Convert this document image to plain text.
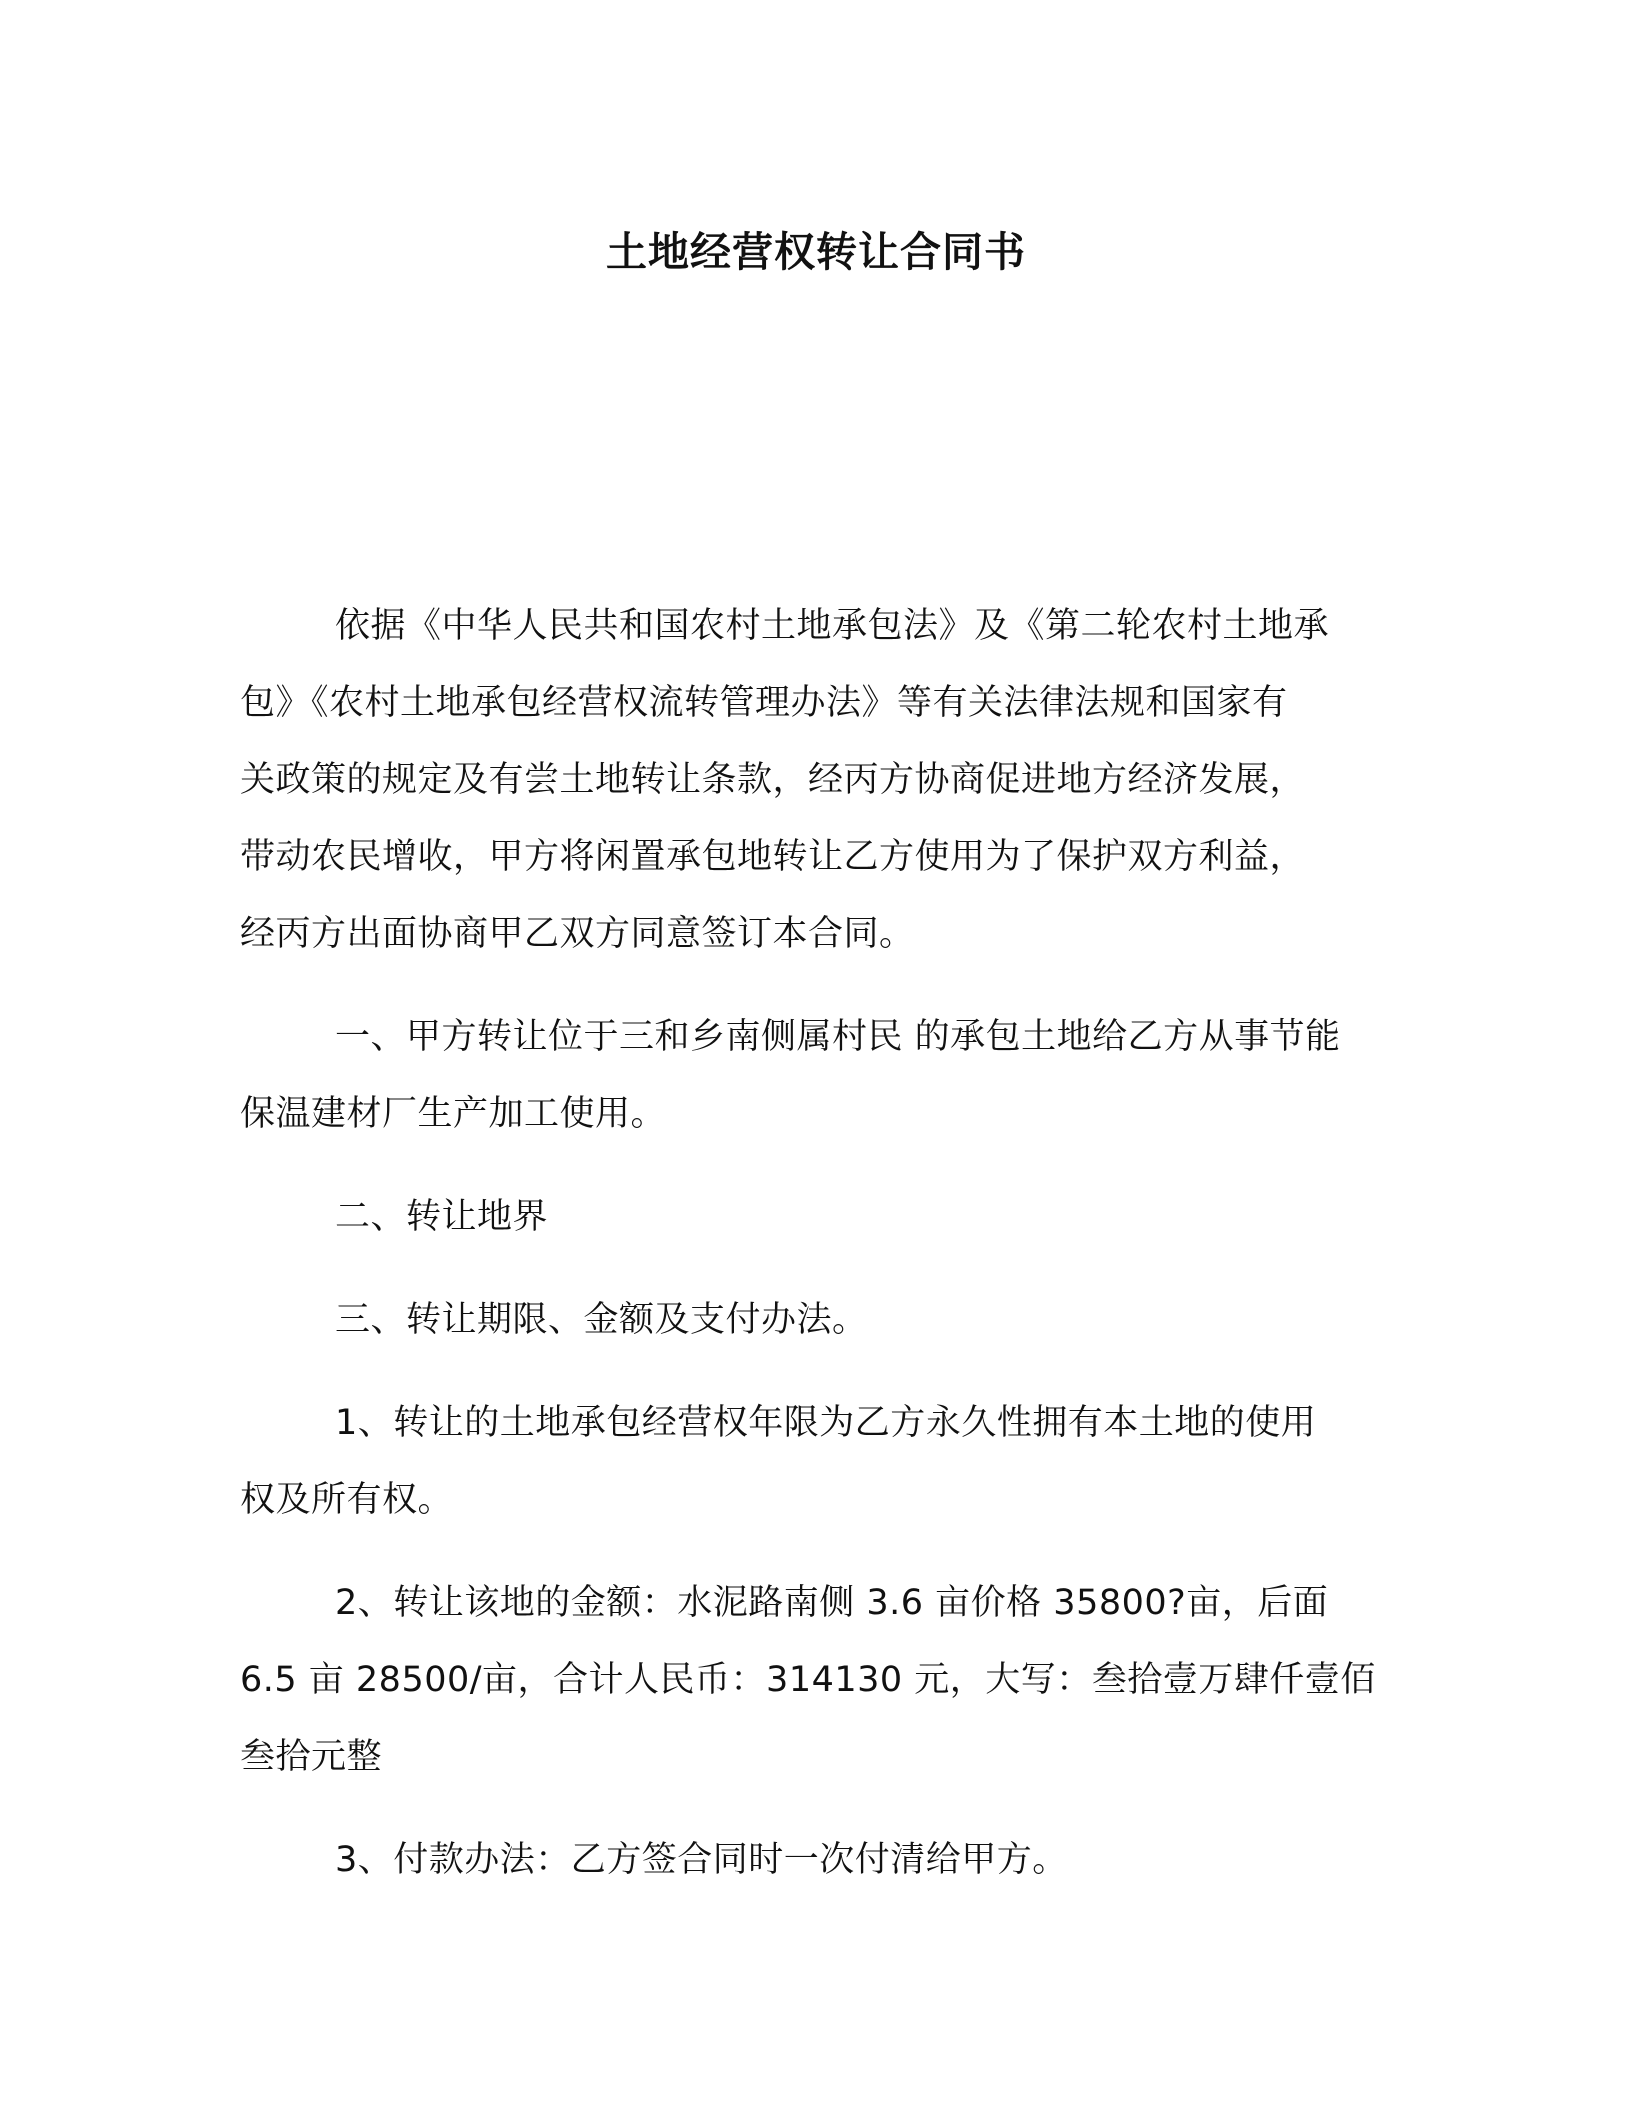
土地经营权转让合同书

依据《中华人民共和国农村土地承包法》及《第二轮农村土地承
包》《农村土地承包经营权流转管理办法》等有关法律法规和国家有
关政策的规定及有尝土地转让条款，经丙方协商促进地方经济发展，
带动农民增收，甲方将闲置承包地转让乙方使用为了保护双方利益，
经丙方出面协商甲乙双方同意签订本合同。

一、甲方转让位于三和乡南侧属村民 的承包土地给乙方从事节能
保温建材厂生产加工使用。

二、转让地界

三、转让期限、金额及支付办法。

1、转让的土地承包经营权年限为乙方永久性拥有本土地的使用
权及所有权。

2、转让该地的金额：水泥路南侧 3.6 亩价格 35800?亩，后面
6.5 亩 28500/亩，合计人民币：314130 元，大写：叁拾壹万肆仟壹佰
叁拾元整

3、付款办法：乙方签合同时一次付清给甲方。
